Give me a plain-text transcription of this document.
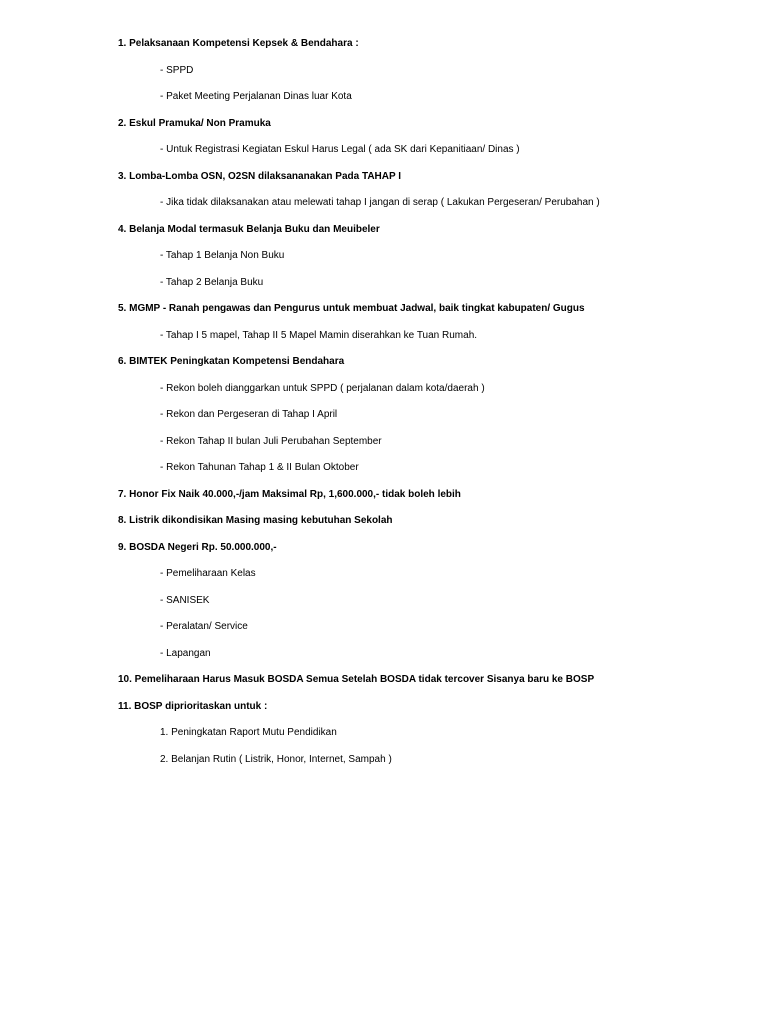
1. Pelaksanaan Kompetensi Kepsek & Bendahara :
- SPPD
- Paket Meeting Perjalanan Dinas luar Kota
2. Eskul Pramuka/ Non Pramuka
- Untuk Registrasi Kegiatan Eskul Harus Legal ( ada SK dari Kepanitiaan/ Dinas )
3. Lomba-Lomba OSN, O2SN dilaksananakan Pada TAHAP I
- Jika tidak dilaksanakan atau melewati tahap I jangan di serap ( Lakukan Pergeseran/ Perubahan )
4. Belanja Modal termasuk Belanja Buku dan Meuibeler
- Tahap 1 Belanja Non Buku
- Tahap 2 Belanja Buku
5. MGMP - Ranah pengawas dan Pengurus untuk membuat Jadwal, baik tingkat kabupaten/ Gugus
- Tahap I 5 mapel, Tahap II 5 Mapel Mamin diserahkan ke Tuan Rumah.
6. BIMTEK Peningkatan Kompetensi Bendahara
- Rekon boleh dianggarkan untuk SPPD ( perjalanan dalam kota/daerah )
- Rekon dan Pergeseran di Tahap I April
- Rekon Tahap II bulan Juli Perubahan September
- Rekon Tahunan Tahap 1 & II Bulan Oktober
7. Honor Fix Naik 40.000,-/jam Maksimal Rp, 1,600.000,- tidak boleh lebih
8. Listrik dikondisikan Masing masing kebutuhan Sekolah
9. BOSDA Negeri Rp. 50.000.000,-
- Pemeliharaan Kelas
- SANISEK
- Peralatan/ Service
- Lapangan
10. Pemeliharaan Harus Masuk BOSDA Semua Setelah BOSDA tidak tercover Sisanya baru ke BOSP
11. BOSP diprioritaskan untuk :
1. Peningkatan Raport Mutu Pendidikan
2. Belanjan Rutin ( Listrik, Honor, Internet, Sampah )
